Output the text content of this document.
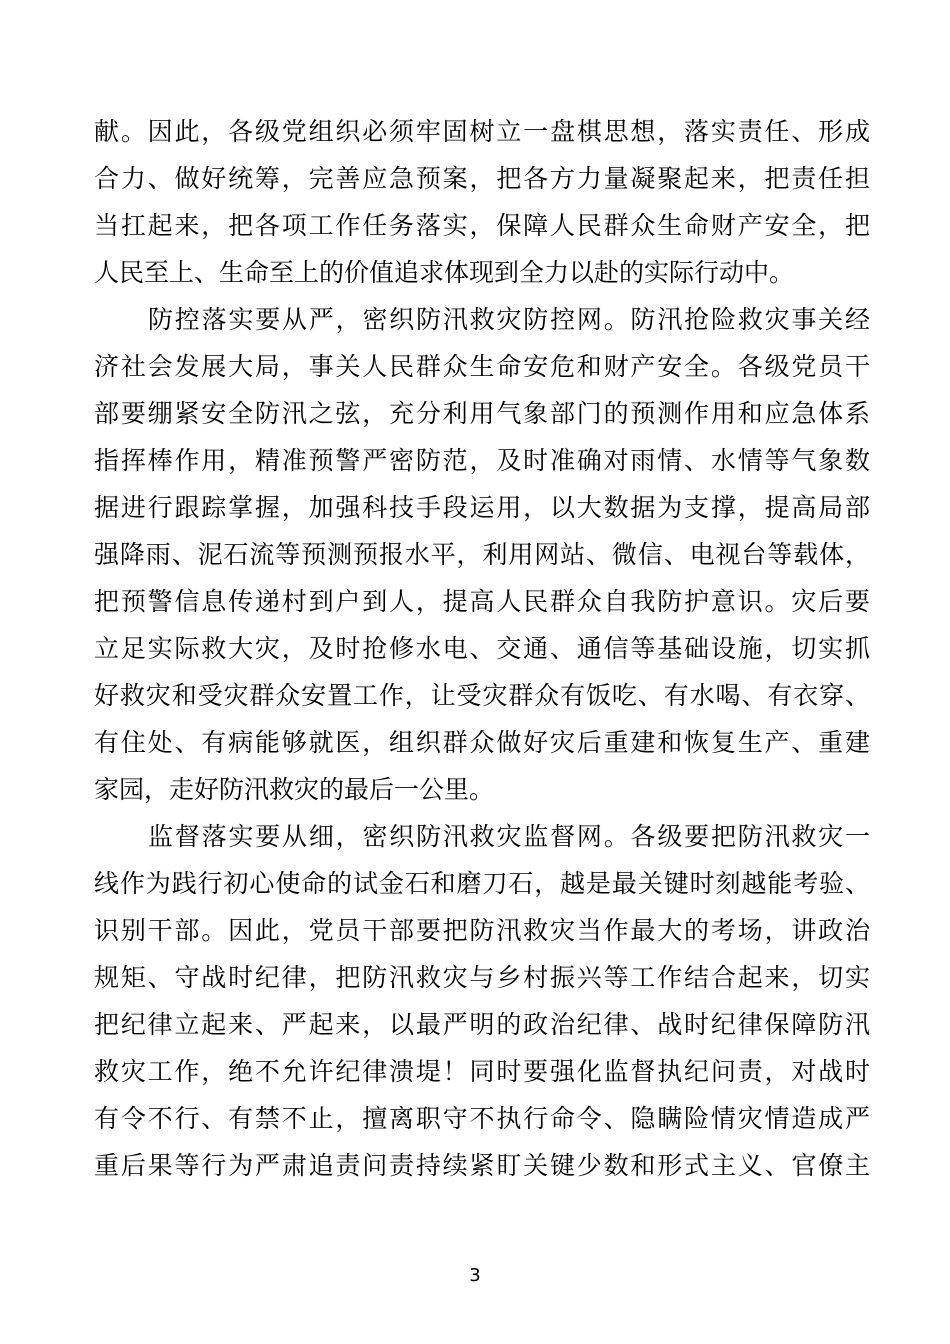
献。因此，各级党组织必须牢固树立一盘棋思想，落实责任、形成
合力、做好统筹，完善应急预案，把各方力量凝聚起来，把责任担
当扛起来，把各项工作任务落实，保障人民群众生命财产安全，把
人民至上、生命至上的价值追求体现到全力以赴的实际行动中。
防控落实要从严，密织防汛救灾防控网。防汛抢险救灾事关经
济社会发展大局，事关人民群众生命安危和财产安全。各级党员干
部要绷紧安全防汛之弦，充分利用气象部门的预测作用和应急体系
指挥棒作用，精准预警严密防范，及时准确对雨情、水情等气象数
据进行跟踪掌握，加强科技手段运用，以大数据为支撑，提高局部
强降雨、泥石流等预测预报水平，利用网站、微信、电视台等载体，
把预警信息传递村到户到人，提高人民群众自我防护意识。灾后要
立足实际救大灾，及时抢修水电、交通、通信等基础设施，切实抓
好救灾和受灾群众安置工作，让受灾群众有饭吃、有水喝、有衣穿、
有住处、有病能够就医，组织群众做好灾后重建和恢复生产、重建
家园，走好防汛救灾的最后一公里。
监督落实要从细，密织防汛救灾监督网。各级要把防汛救灾一
线作为践行初心使命的试金石和磨刀石，越是最关键时刻越能考验、
识别干部。因此，党员干部要把防汛救灾当作最大的考场，讲政治
规矩、守战时纪律，把防汛救灾与乡村振兴等工作结合起来，切实
把纪律立起来、严起来，以最严明的政治纪律、战时纪律保障防汛
救灾工作，绝不允许纪律溃堤！同时要强化监督执纪问责，对战时
有令不行、有禁不止，擅离职守不执行命令、隐瞒险情灾情造成严
重后果等行为严肃追责问责持续紧盯关键少数和形式主义、官僚主
3
